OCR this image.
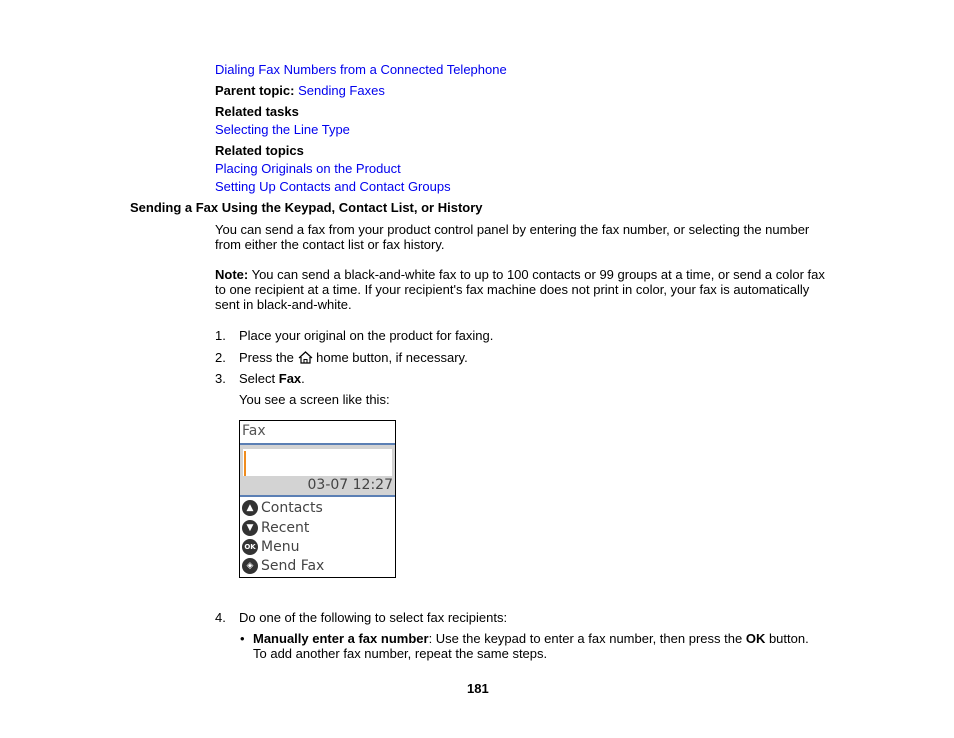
Dialing Fax Numbers from a Connected Telephone
Parent topic: Sending Faxes
Related tasks
Selecting the Line Type
Related topics
Placing Originals on the Product
Setting Up Contacts and Contact Groups
Sending a Fax Using the Keypad, Contact List, or History
You can send a fax from your product control panel by entering the fax number, or selecting the number from either the contact list or fax history.
Note: You can send a black-and-white fax to up to 100 contacts or 99 groups at a time, or send a color fax to one recipient at a time. If your recipient's fax machine does not print in color, your fax is automatically sent in black-and-white.
1. Place your original on the product for faxing.
2. Press the home button, if necessary.
3. Select Fax.
You see a screen like this:
Fax
03-07 12:27
▲ Contacts
▼ Recent
OK Menu
◈ Send Fax
4. Do one of the following to select fax recipients:
• Manually enter a fax number: Use the keypad to enter a fax number, then press the OK button.
To add another fax number, repeat the same steps.
181
